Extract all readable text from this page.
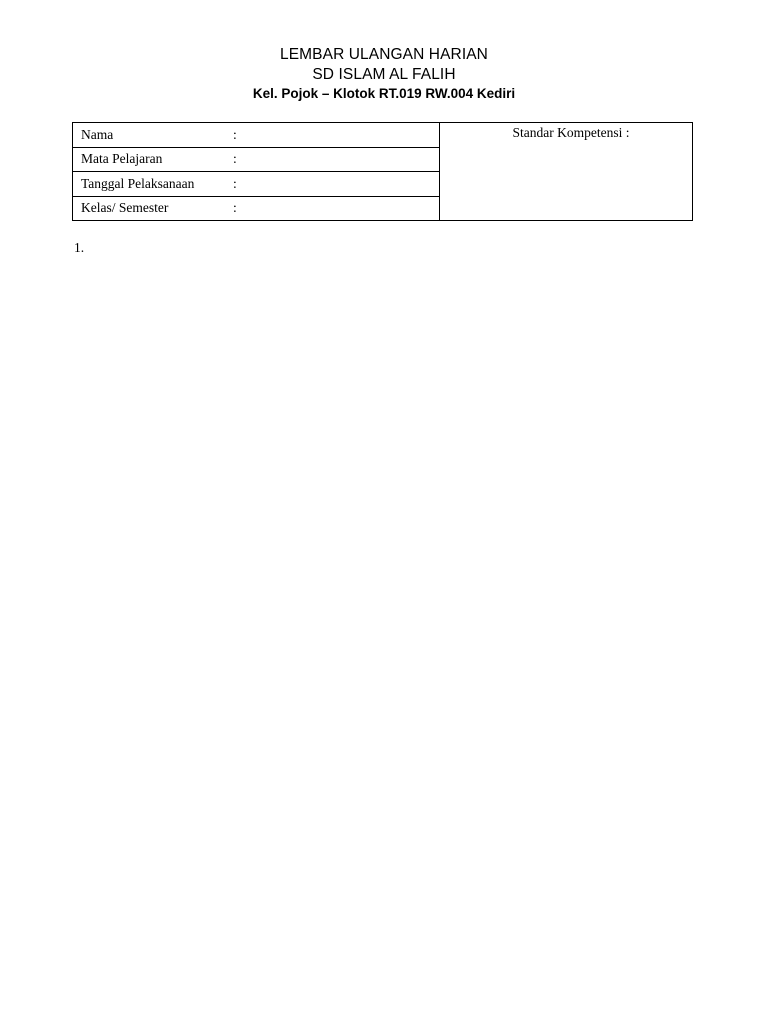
LEMBAR ULANGAN HARIAN
SD ISLAM AL FALIH
Kel. Pojok – Klotok RT.019 RW.004 Kediri
Nama	:
Mata Pelajaran	:
Tanggal Pelaksanaan	:
Kelas/ Semester	:
Standar Kompetensi :
1.
